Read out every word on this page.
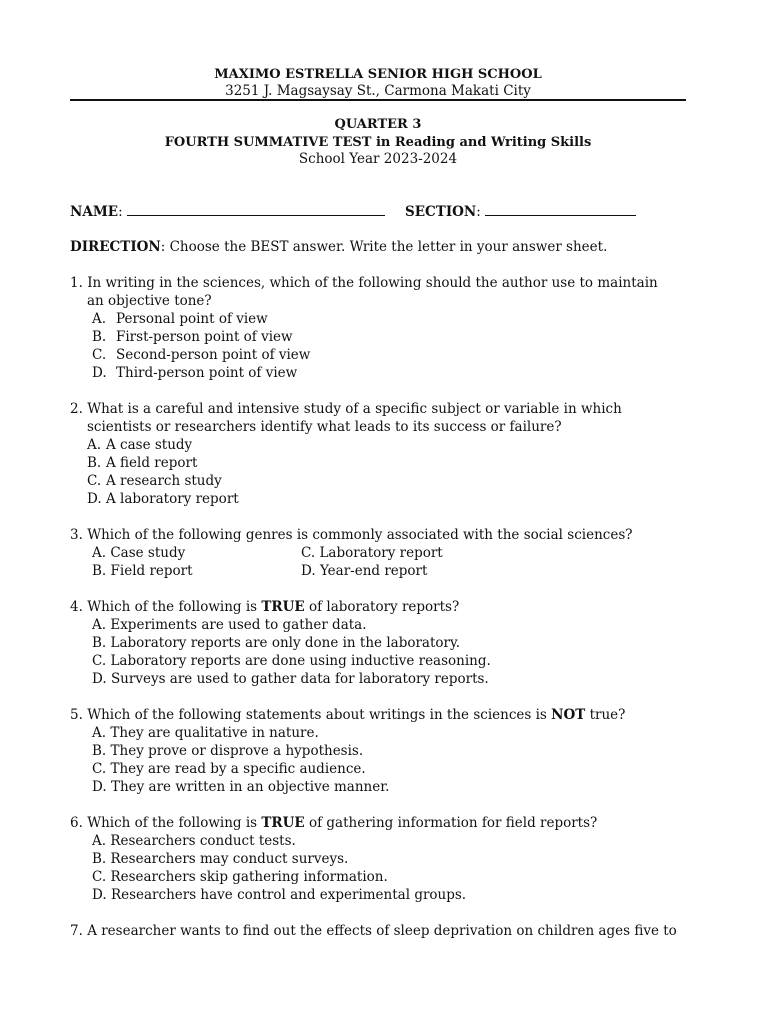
MAXIMO ESTRELLA SENIOR HIGH SCHOOL
3251 J. Magsaysay St., Carmona Makati City
QUARTER 3
FOURTH SUMMATIVE TEST in Reading and Writing Skills
School Year 2023-2024
NAME:	SECTION:
DIRECTION: Choose the BEST answer. Write the letter in your answer sheet.
1. In writing in the sciences, which of the following should the author use to maintain
an objective tone?
A. Personal point of view
B. First-person point of view
C. Second-person point of view
D. Third-person point of view
2. What is a careful and intensive study of a specific subject or variable in which
scientists or researchers identify what leads to its success or failure?
A. A case study
B. A field report
C. A research study
D. A laboratory report
3. Which of the following genres is commonly associated with the social sciences?
A. Case study	C. Laboratory report
B. Field report	D. Year-end report
4. Which of the following is TRUE of laboratory reports?
A. Experiments are used to gather data.
B. Laboratory reports are only done in the laboratory.
C. Laboratory reports are done using inductive reasoning.
D. Surveys are used to gather data for laboratory reports.
5. Which of the following statements about writings in the sciences is NOT true?
A. They are qualitative in nature.
B. They prove or disprove a hypothesis.
C. They are read by a specific audience.
D. They are written in an objective manner.
6. Which of the following is TRUE of gathering information for field reports?
A. Researchers conduct tests.
B. Researchers may conduct surveys.
C. Researchers skip gathering information.
D. Researchers have control and experimental groups.
7. A researcher wants to find out the effects of sleep deprivation on children ages five to
